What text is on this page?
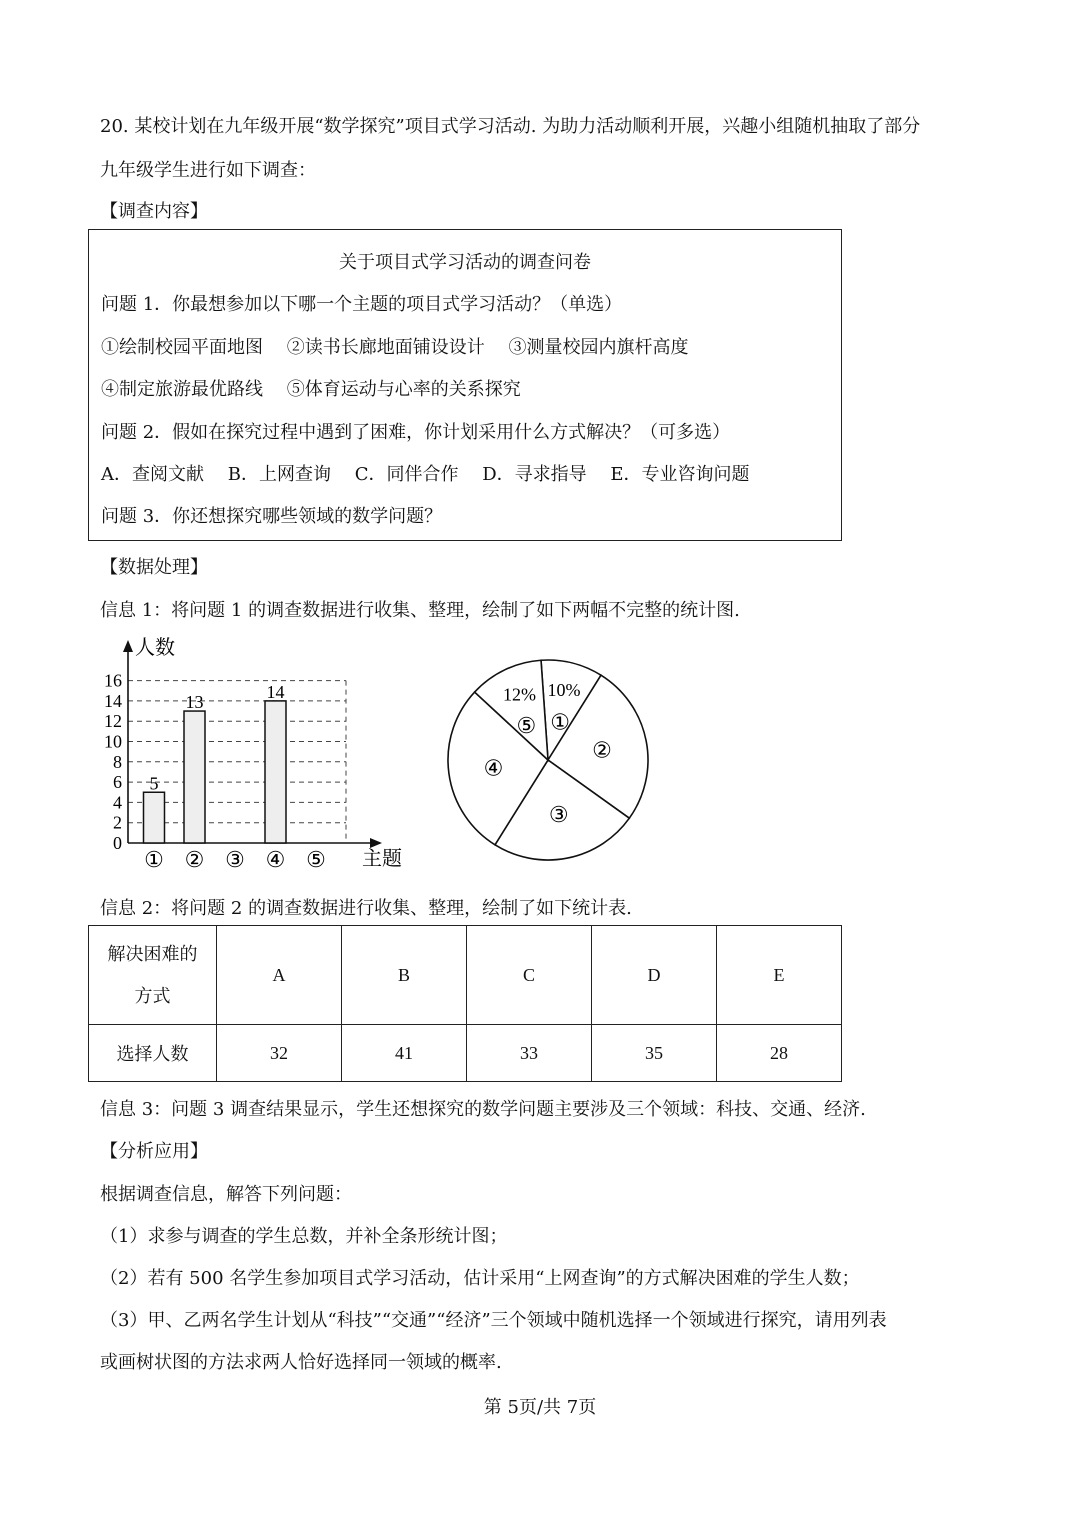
20. 某校计划在九年级开展“数学探究”项目式学习活动. 为助力活动顺利开展，兴趣小组随机抽取了部分
九年级学生进行如下调查：
【调查内容】
关于项目式学习活动的调查问卷
问题 1．你最想参加以下哪一个主题的项目式学习活动？（单选）
①绘制校园平面地图 ②读书长廊地面铺设设计 ③测量校园内旗杆高度
④制定旅游最优路线 ⑤体育运动与心率的关系探究
问题 2．假如在探究过程中遇到了困难，你计划采用什么方式解决？（可多选）
A．查阅文献 B．上网查询 C．同伴合作 D．寻求指导 E．专业咨询问题
问题 3．你还想探究哪些领域的数学问题？
【数据处理】
信息 1：将问题 1 的调查数据进行收集、整理，绘制了如下两幅不完整的统计图.
5
13
14
0
2
4
6
8
10
12
14
16
① ② ③ ④ ⑤
人数
主题
10%
①
②
③
④
12%
⑤
信息 2：将问题 2 的调查数据进行收集、整理，绘制了如下统计表.
解决困难的
方式	A	B	C	D	E
选择人数	32	41	33	35	28
信息 3：问题 3 调查结果显示，学生还想探究的数学问题主要涉及三个领域：科技、交通、经济.
【分析应用】
根据调查信息，解答下列问题：
（1）求参与调查的学生总数，并补全条形统计图；
（2）若有 500 名学生参加项目式学习活动，估计采用“上网查询”的方式解决困难的学生人数；
（3）甲、乙两名学生计划从“科技”“交通”“经济”三个领域中随机选择一个领域进行探究，请用列表
或画树状图的方法求两人恰好选择同一领域的概率.
第 5页/共 7页
